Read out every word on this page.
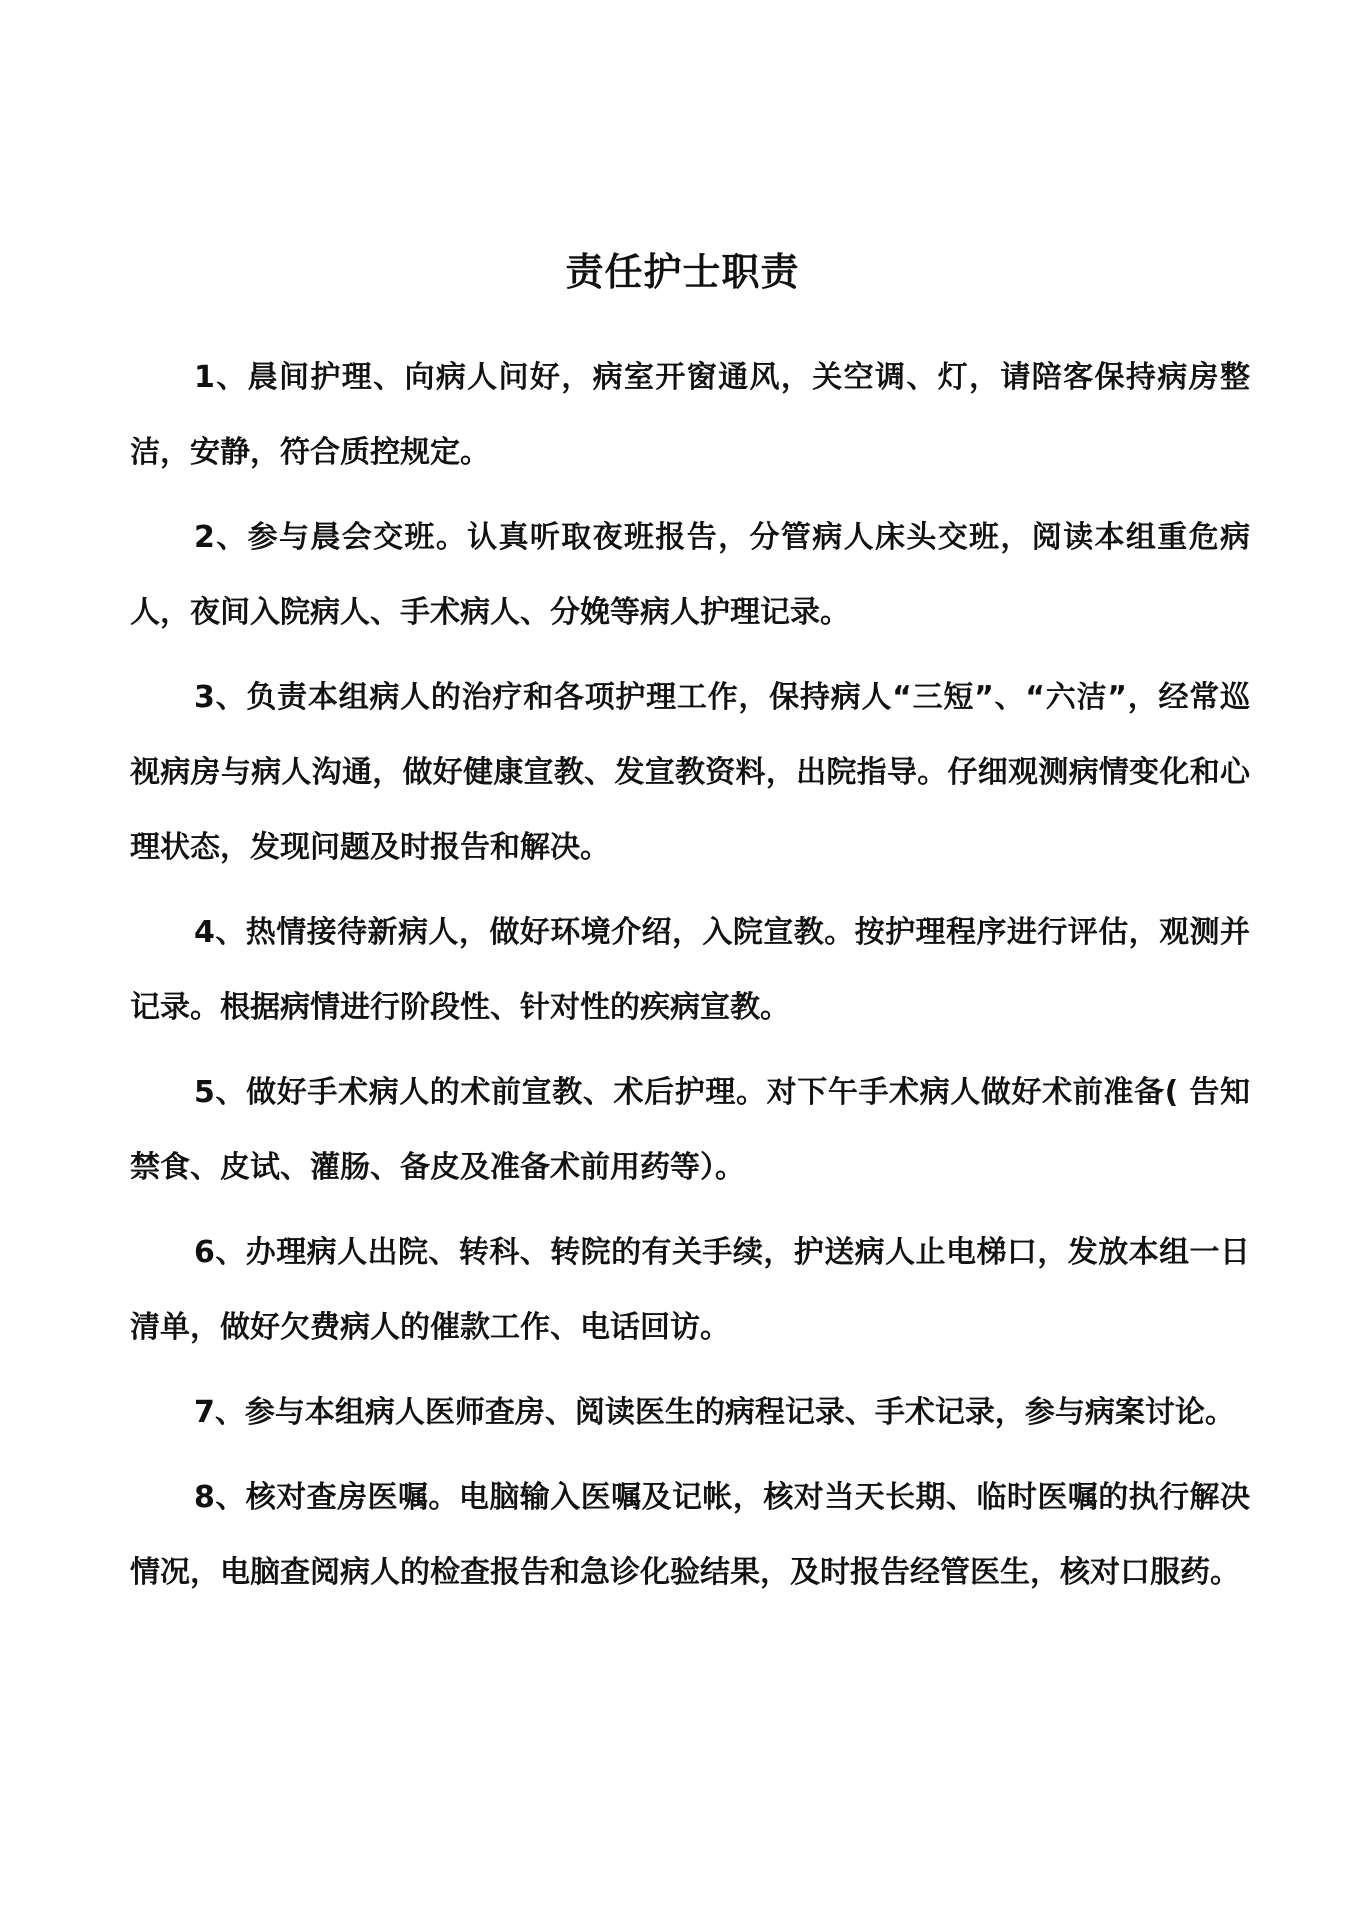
责任护士职责

1、晨间护理、向病人问好，病室开窗通风，关空调、灯，请陪客保持病房整洁，安静，符合质控规定。

2、参与晨会交班。认真听取夜班报告，分管病人床头交班，阅读本组重危病人，夜间入院病人、手术病人、分娩等病人护理记录。

3、负责本组病人的治疗和各项护理工作，保持病人“三短”、“六洁”，经常巡视病房与病人沟通，做好健康宣教、发宣教资料，出院指导。仔细观测病情变化和心理状态，发现问题及时报告和解决。

4、热情接待新病人，做好环境介绍，入院宣教。按护理程序进行评估，观测并记录。根据病情进行阶段性、针对性的疾病宣教。

5、做好手术病人的术前宣教、术后护理。对下午手术病人做好术前准备( 告知禁食、皮试、灌肠、备皮及准备术前用药等）。

6、办理病人出院、转科、转院的有关手续，护送病人止电梯口，发放本组一日清单，做好欠费病人的催款工作、电话回访。

7、参与本组病人医师查房、阅读医生的病程记录、手术记录，参与病案讨论。

8、核对查房医嘱。电脑输入医嘱及记帐，核对当天长期、临时医嘱的执行解决情况，电脑查阅病人的检查报告和急诊化验结果，及时报告经管医生，核对口服药。
